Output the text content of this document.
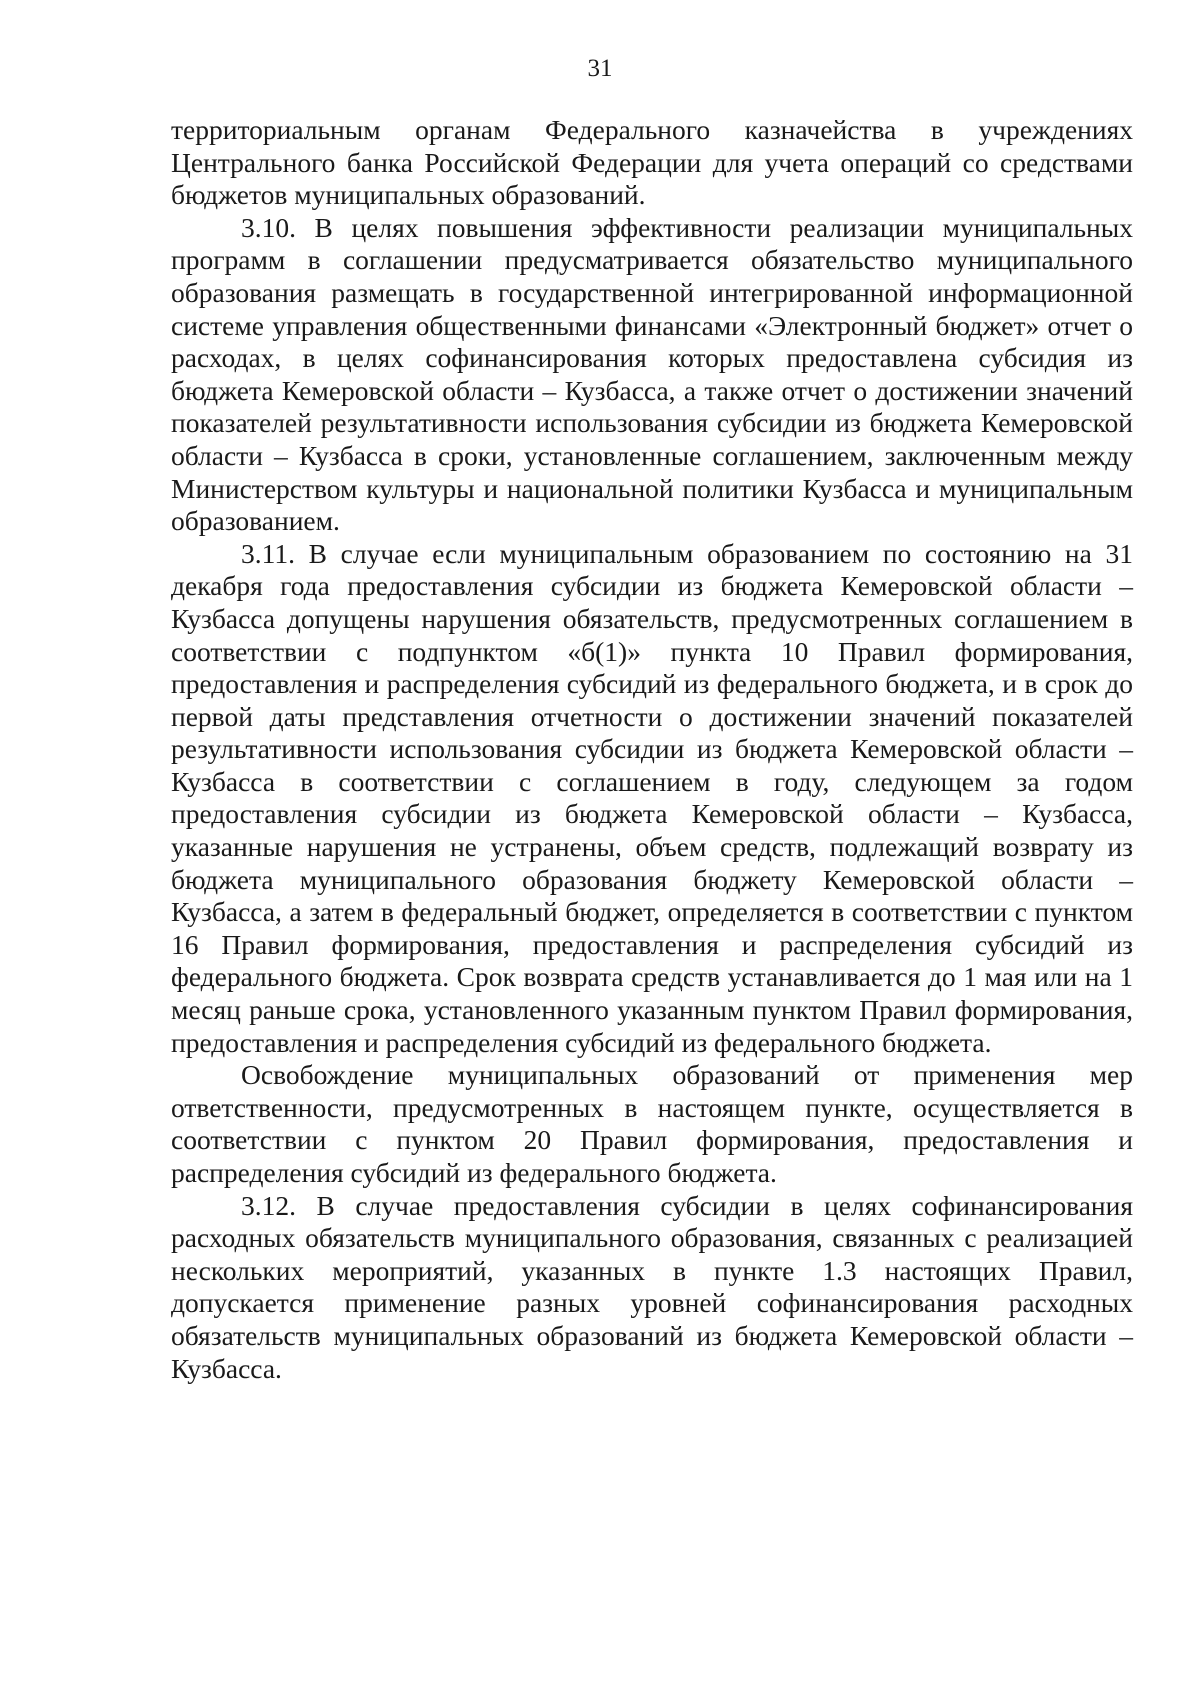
31

территориальным органам Федерального казначейства в учреждениях Центрального банка Российской Федерации для учета операций со средствами бюджетов муниципальных образований.

3.10. В целях повышения эффективности реализации муниципальных программ в соглашении предусматривается обязательство муниципального образования размещать в государственной интегрированной информационной системе управления общественными финансами «Электронный бюджет» отчет о расходах, в целях софинансирования которых предоставлена субсидия из бюджета Кемеровской области – Кузбасса, а также отчет о достижении значений показателей результативности использования субсидии из бюджета Кемеровской области – Кузбасса в сроки, установленные соглашением, заключенным между Министерством культуры и национальной политики Кузбасса и муниципальным образованием.

3.11. В случае если муниципальным образованием по состоянию на 31 декабря года предоставления субсидии из бюджета Кемеровской области – Кузбасса допущены нарушения обязательств, предусмотренных соглашением в соответствии с подпунктом «б(1)» пункта 10 Правил формирования, предоставления и распределения субсидий из федерального бюджета, и в срок до первой даты представления отчетности о достижении значений показателей результативности использования субсидии из бюджета Кемеровской области – Кузбасса в соответствии с соглашением в году, следующем за годом предоставления субсидии из бюджета Кемеровской области – Кузбасса, указанные нарушения не устранены, объем средств, подлежащий возврату из бюджета муниципального образования бюджету Кемеровской области – Кузбасса, а затем в федеральный бюджет, определяется в соответствии с пунктом 16 Правил формирования, предоставления и распределения субсидий из федерального бюджета. Срок возврата средств устанавливается до 1 мая или на 1 месяц раньше срока, установленного указанным пунктом Правил формирования, предоставления и распределения субсидий из федерального бюджета.

Освобождение муниципальных образований от применения мер ответственности, предусмотренных в настоящем пункте, осуществляется в соответствии с пунктом 20 Правил формирования, предоставления и распределения субсидий из федерального бюджета.

3.12. В случае предоставления субсидии в целях софинансирования расходных обязательств муниципального образования, связанных с реализацией нескольких мероприятий, указанных в пункте 1.3 настоящих Правил, допускается применение разных уровней софинансирования расходных обязательств муниципальных образований из бюджета Кемеровской области – Кузбасса.
